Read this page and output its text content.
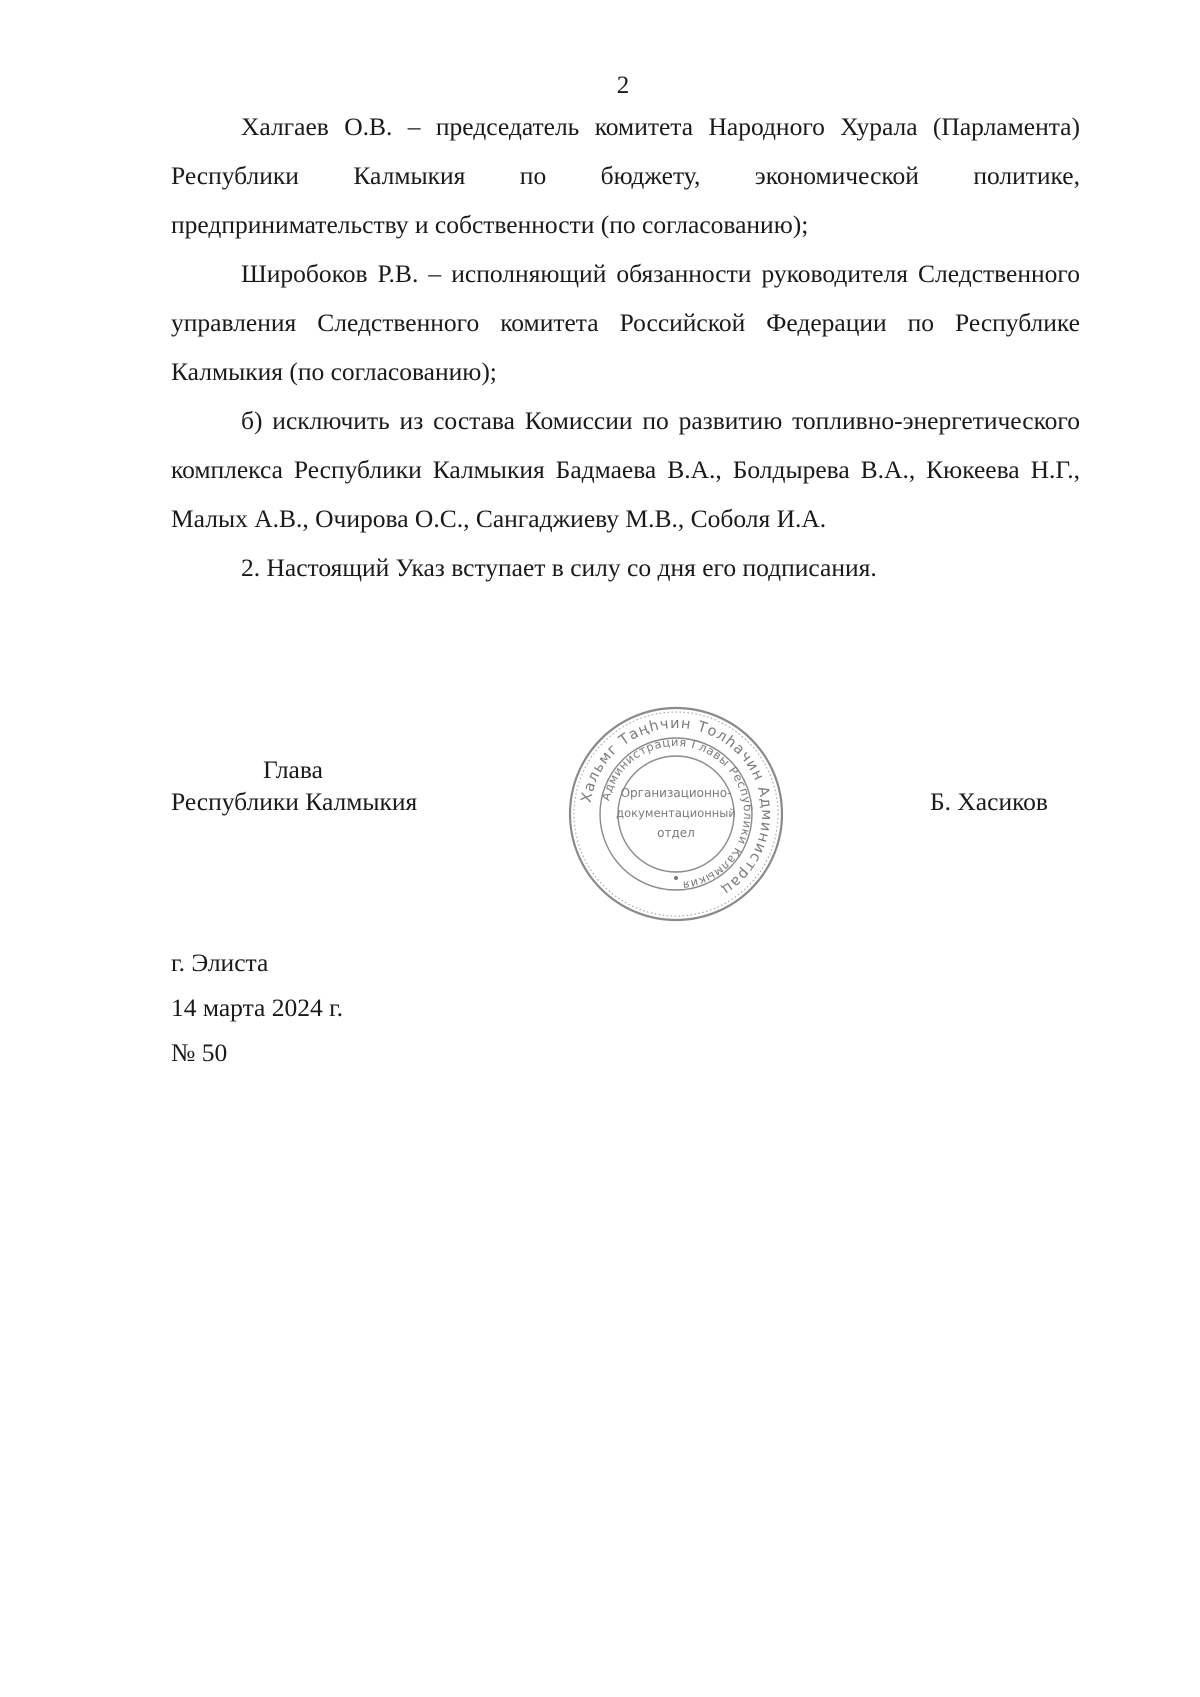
2

Халгаев О.В. – председатель комитета Народного Хурала (Парламента) Республики Калмыкия по бюджету, экономической политике, предпринимательству и собственности (по согласованию);

Широбоков Р.В. – исполняющий обязанности руководителя Следственного управления Следственного комитета Российской Федерации по Республике Калмыкия (по согласованию);

б) исключить из состава Комиссии по развитию топливно-энергетического комплекса Республики Калмыкия Бадмаева В.А., Болдырева В.А., Кюкеева Н.Г., Малых А.В., Очирова О.С., Сангаджиеву М.В., Соболя И.А.

2. Настоящий Указ вступает в силу со дня его подписания.

Глава
Республики Калмыкия	Хальмг Таңһчин Толһачин Администрац
Администрация Главы Республики Калмыкия
Организационно-
документационный
отдел
Б. Хасиков
г. Элиста
14 марта 2024 г.
№ 50
